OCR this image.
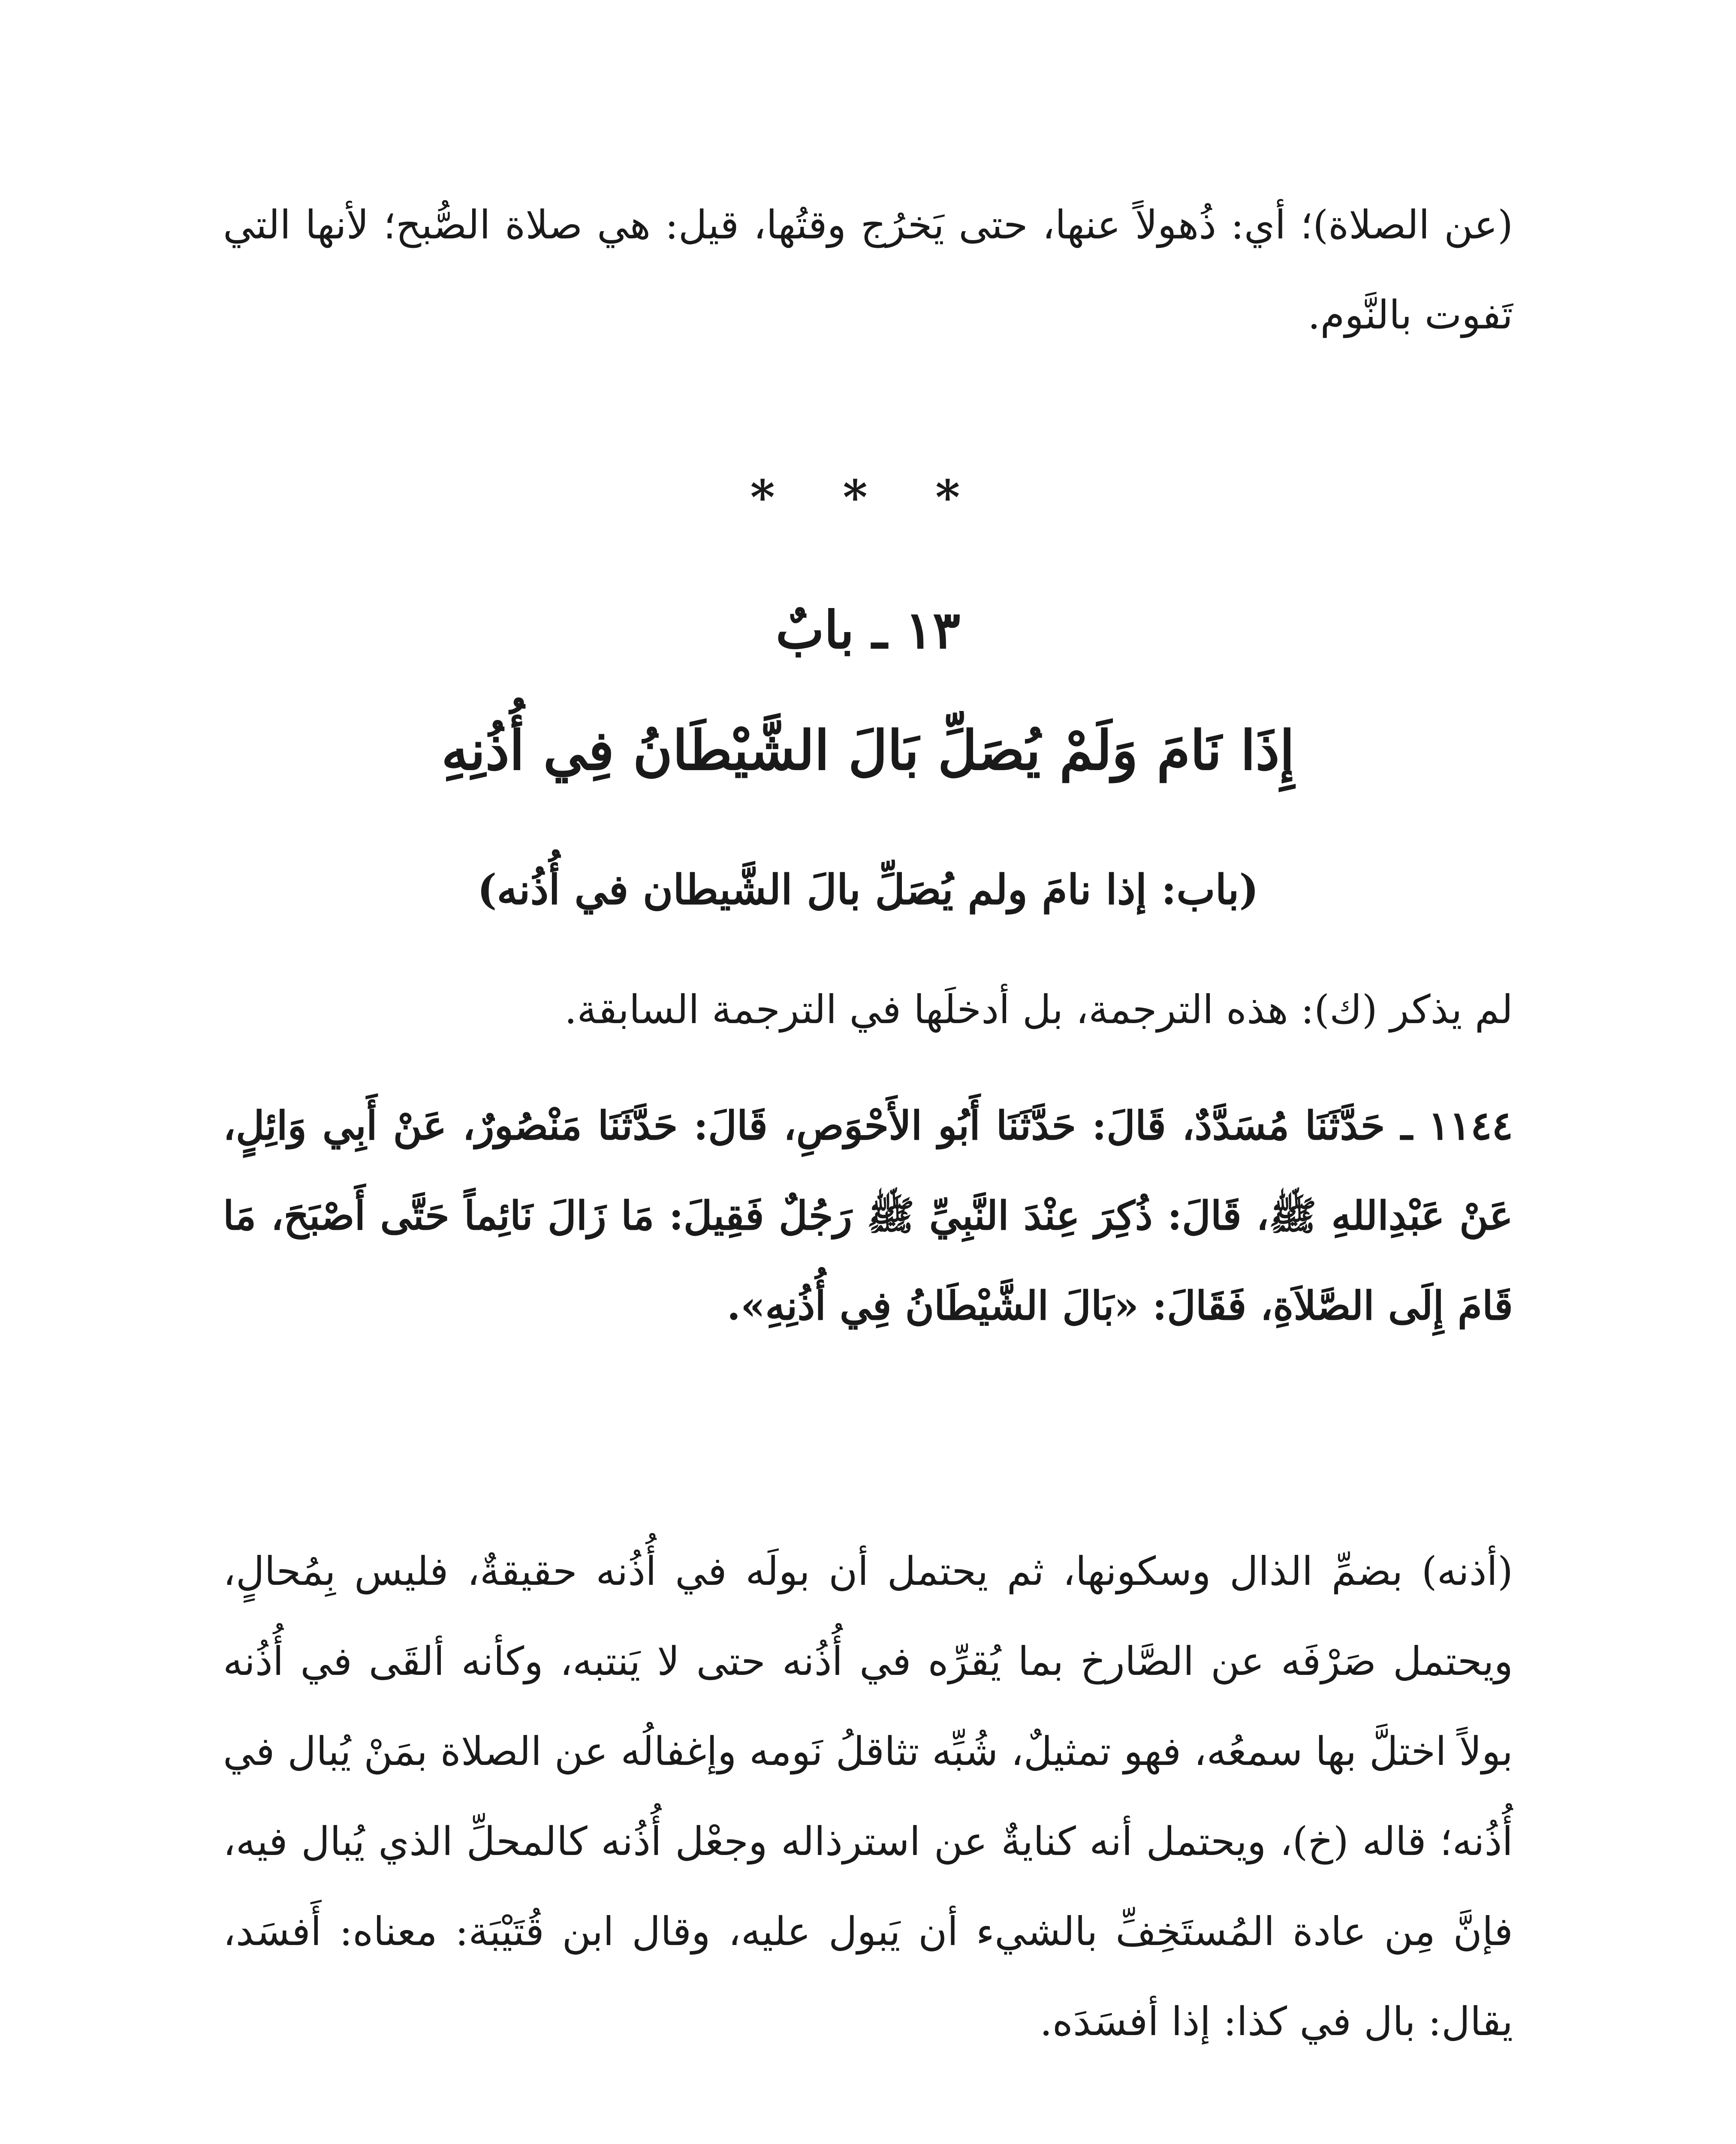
(عن الصلاة)؛ أي: ذُهولاً عنها، حتى يَخرُج وقتُها، قيل: هي صلاة الصُّبح؛ لأنها التي تَفوت بالنَّوم.

* * *
١٣ ـ بابٌ
إِذَا نَامَ وَلَمْ يُصَلِّ بَالَ الشَّيْطَانُ فِي أُذُنِهِ
(باب: إذا نامَ ولم يُصَلِّ بالَ الشَّيطان في أُذُنه)

لم يذكر (ك): هذه الترجمة، بل أدخلَها في الترجمة السابقة.

١١٤٤ ـ حَدَّثَنَا مُسَدَّدٌ، قَالَ: حَدَّثَنَا أَبُو الأَحْوَصِ، قَالَ: حَدَّثَنَا مَنْصُورٌ، عَنْ أَبِي وَائِلٍ، عَنْ عَبْدِاللهِ ﷺ، قَالَ: ذُكِرَ عِنْدَ النَّبِيِّ ﷺ رَجُلٌ فَقِيلَ: مَا زَالَ نَائِماً حَتَّى أَصْبَحَ، مَا قَامَ إِلَى الصَّلاَةِ، فَقَالَ: «بَالَ الشَّيْطَانُ فِي أُذُنِهِ».

(أذنه) بضمِّ الذال وسكونها، ثم يحتمل أن بولَه في أُذُنه حقيقةٌ، فليس بِمُحالٍ، ويحتمل صَرْفَه عن الصَّارخ بما يُقرِّه في أُذُنه حتى لا يَنتبه، وكأنه ألقَى في أُذُنه بولاً اختلَّ بها سمعُه، فهو تمثيلٌ، شُبِّه تثاقلُ نَومه وإغفالُه عن الصلاة بمَنْ يُبال في أُذُنه؛ قاله (خ)، ويحتمل أنه كنايةٌ عن استرذاله وجعْل أُذُنه كالمحلِّ الذي يُبال فيه، فإنَّ مِن عادة المُستَخِفِّ بالشيء أن يَبول عليه، وقال ابن قُتَيْبَة: معناه: أَفسَد، يقال: بال في كذا: إذا أفسَدَه.
